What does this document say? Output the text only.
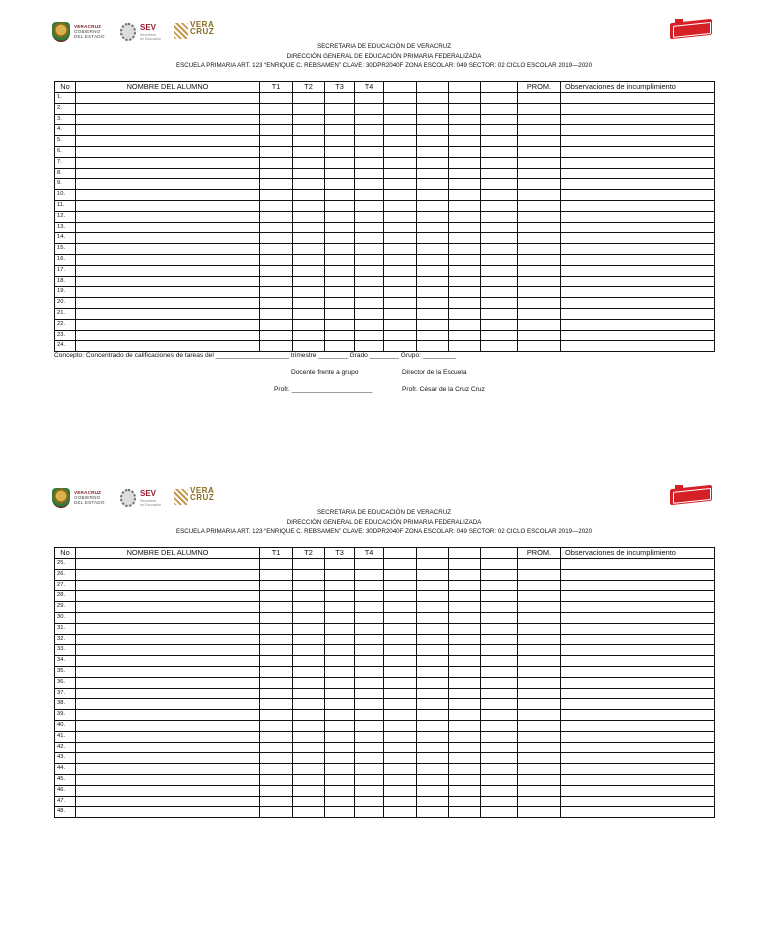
VERACRUZ
GOBIERNO
DEL ESTADO
SEV
Secretaría
de Educación
VERA
CRUZ
SECRETARIA DE EDUCACIÓN DE VERACRUZ
DIRECCIÓN GENERAL DE EDUCACIÓN PRIMARIA FEDERALIZADA
ESCUELA PRIMARIA ART. 123 “ENRIQUE C. REBSAMEN” CLAVE: 30DPR2040F ZONA ESCOLAR: 049 SECTOR: 02 CICLO ESCOLAR 2019—2020
No	NOMBRE DEL ALUMNO	T1	T2	T3	T4					PROM.	Observaciones de incumplimiento
1.											
2.											
3.											
4.											
5.											
6.											
7.											
8.											
9.											
10.											
11.											
12.											
13.											
14.											
15.											
16.											
17.											
18.											
19.											
20.											
21.											
22.											
23.											
24.											
Concepto: Concentrado de calificaciones de tareas del ____________________ trimestre ________ Grado ________ Grupo: _________
Docente frente a grupo	Director de la Escuela
Profr. ______________________	Profr. César de la Cruz Cruz
VERACRUZ
GOBIERNO
DEL ESTADO
SEV
Secretaría
de Educación
VERA
CRUZ
SECRETARIA DE EDUCACIÓN DE VERACRUZ
DIRECCIÓN GENERAL DE EDUCACIÓN PRIMARIA FEDERALIZADA
ESCUELA PRIMARIA ART. 123 “ENRIQUE C. REBSAMEN” CLAVE: 30DPR2040F ZONA ESCOLAR: 049 SECTOR: 02 CICLO ESCOLAR 2019—2020
No	NOMBRE DEL ALUMNO	T1	T2	T3	T4					PROM.	Observaciones de incumplimiento
25.											
26.											
27.											
28.											
29.											
30.											
31.											
32.											
33.											
34.											
35.											
36.											
37.											
38.											
39.											
40.											
41.											
42.											
43.											
44.											
45.											
46.											
47.											
48.											
